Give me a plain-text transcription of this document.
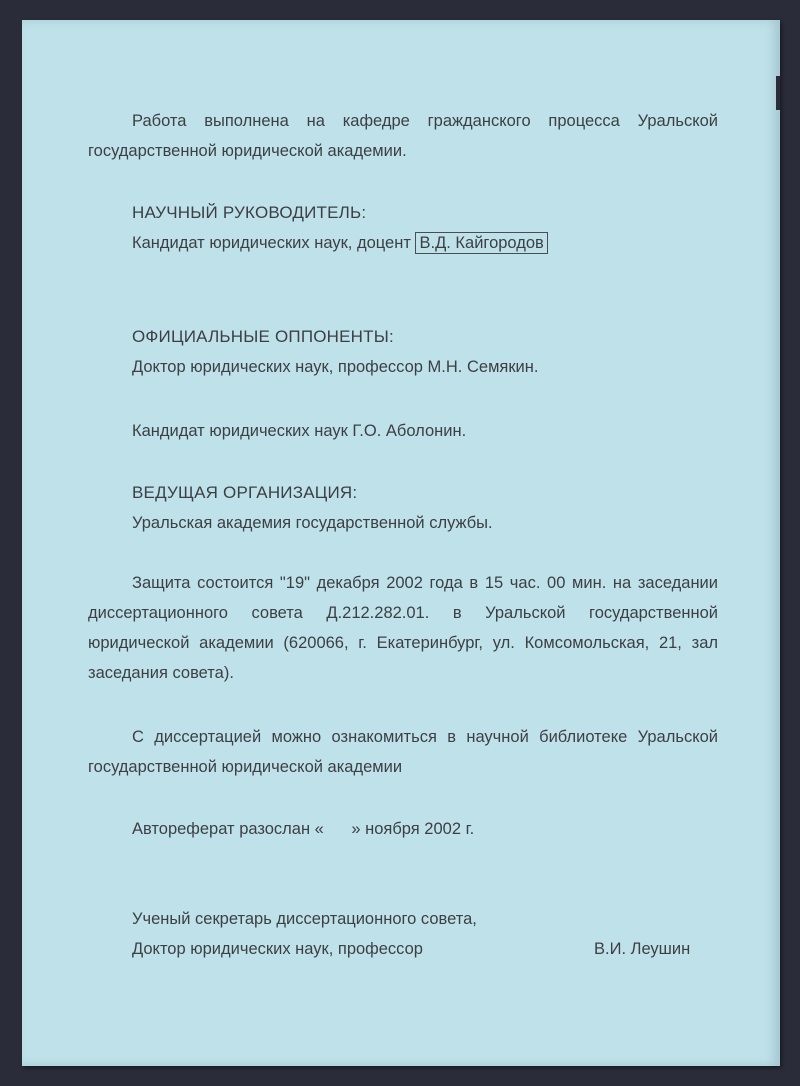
Работа выполнена на кафедре гражданского процесса Уральской государственной юридической академии.

НАУЧНЫЙ РУКОВОДИТЕЛЬ:
Кандидат юридических наук, доцент В.Д. Кайгородов
ОФИЦИАЛЬНЫЕ ОППОНЕНТЫ:
Доктор юридических наук, профессор М.Н. Семякин.
Кандидат юридических наук Г.О. Аболонин.
ВЕДУЩАЯ ОРГАНИЗАЦИЯ:
Уральская академия государственной службы.

Защита состоится "19" декабря 2002 года в 15 час. 00 мин. на заседании диссертационного совета Д.212.282.01. в Уральской государственной юридической академии (620066, г. Екатеринбург, ул. Комсомольская, 21, зал заседания совета).

С диссертацией можно ознакомиться в научной библиотеке Уральской государственной юридической академии

Автореферат разослан «      » ноября 2002 г.
Ученый секретарь диссертационного совета,
Доктор юридических наук, профессор	В.И. Леушин
